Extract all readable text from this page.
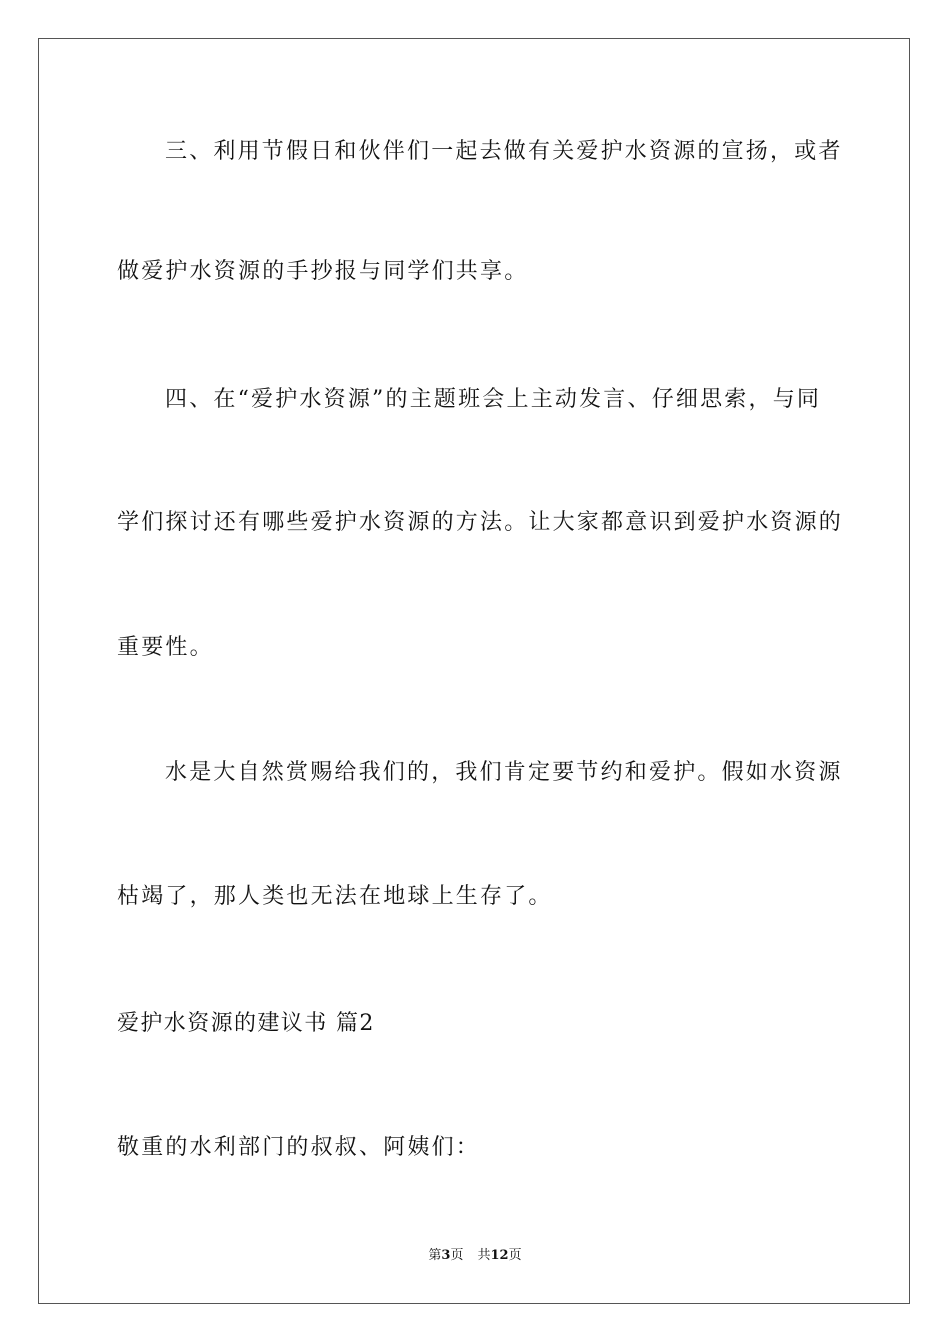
三、利用节假日和伙伴们一起去做有关爱护水资源的宣扬，或者
做爱护水资源的手抄报与同学们共享。
四、在“爱护水资源”的主题班会上主动发言、仔细思索，与同
学们探讨还有哪些爱护水资源的方法。让大家都意识到爱护水资源的
重要性。
水是大自然赏赐给我们的，我们肯定要节约和爱护。假如水资源
枯竭了，那人类也无法在地球上生存了。
爱护水资源的建议书 篇2
敬重的水利部门的叔叔、阿姨们：
第3页 共12页
